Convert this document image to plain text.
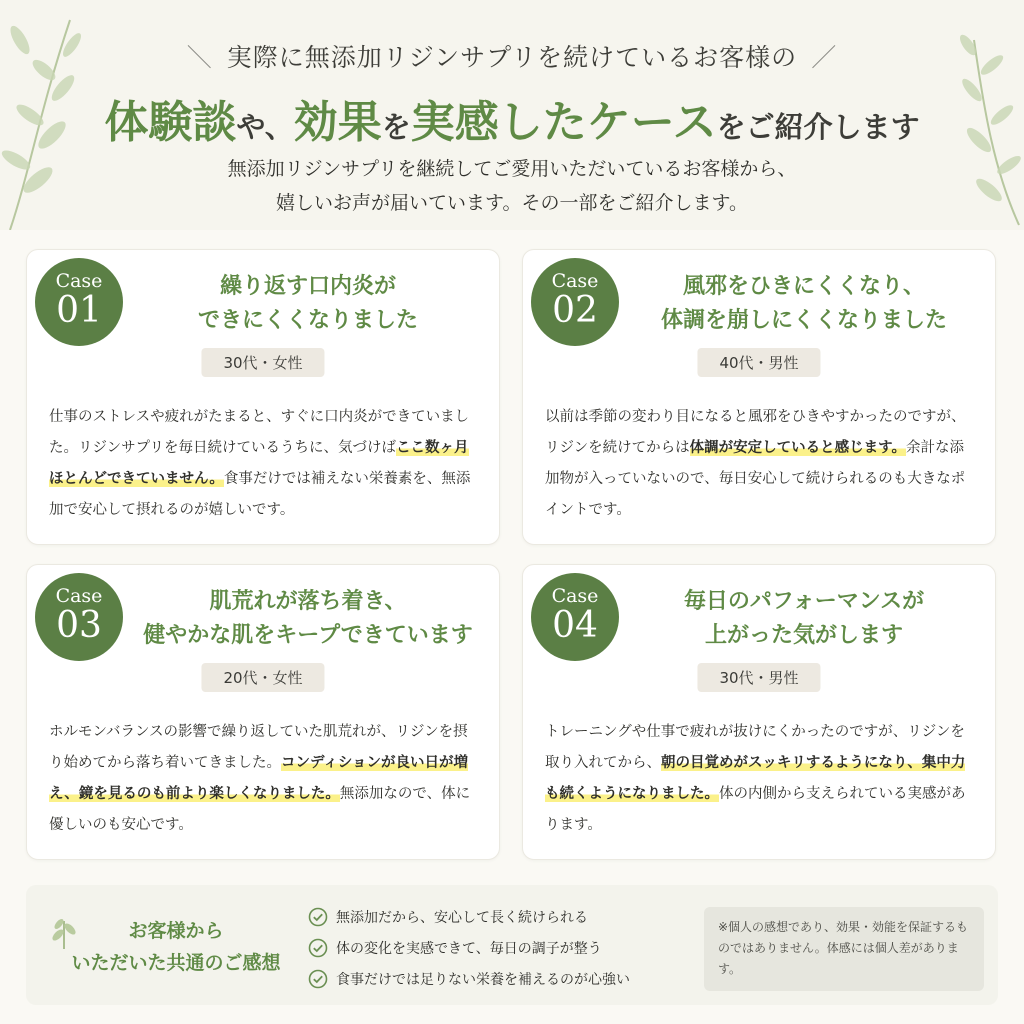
＼ 実際に無添加リジンサプリを続けているお客様の ／
体験談や、効果を実感したケースをご紹介します
無添加リジンサプリを継続してご愛用いただいているお客様から、
嬉しいお声が届いています。その一部をご紹介します。
Case
01
繰り返す口内炎が
できにくくなりました
30代・女性
仕事のストレスや疲れがたまると、すぐに口内炎ができていました。リジンサプリを毎日続けているうちに、気づけばここ数ヶ月ほとんどできていません。食事だけでは補えない栄養素を、無添加で安心して摂れるのが嬉しいです。
Case
02
風邪をひきにくくなり、
体調を崩しにくくなりました
40代・男性
以前は季節の変わり目になると風邪をひきやすかったのですが、リジンを続けてからは体調が安定していると感じます。余計な添加物が入っていないので、毎日安心して続けられるのも大きなポイントです。
Case
03
肌荒れが落ち着き、
健やかな肌をキープできています
20代・女性
ホルモンバランスの影響で繰り返していた肌荒れが、リジンを摂り始めてから落ち着いてきました。コンディションが良い日が増え、鏡を見るのも前より楽しくなりました。無添加なので、体に優しいのも安心です。
Case
04
毎日のパフォーマンスが
上がった気がします
30代・男性
トレーニングや仕事で疲れが抜けにくかったのですが、リジンを取り入れてから、朝の目覚めがスッキリするようになり、集中力も続くようになりました。体の内側から支えられている実感があります。
お客様から
いただいた共通のご感想
無添加だから、安心して長く続けられる
体の変化を実感できて、毎日の調子が整う
食事だけでは足りない栄養を補えるのが心強い
※個人の感想であり、効果・効能を保証するものではありません。体感には個人差があります。
